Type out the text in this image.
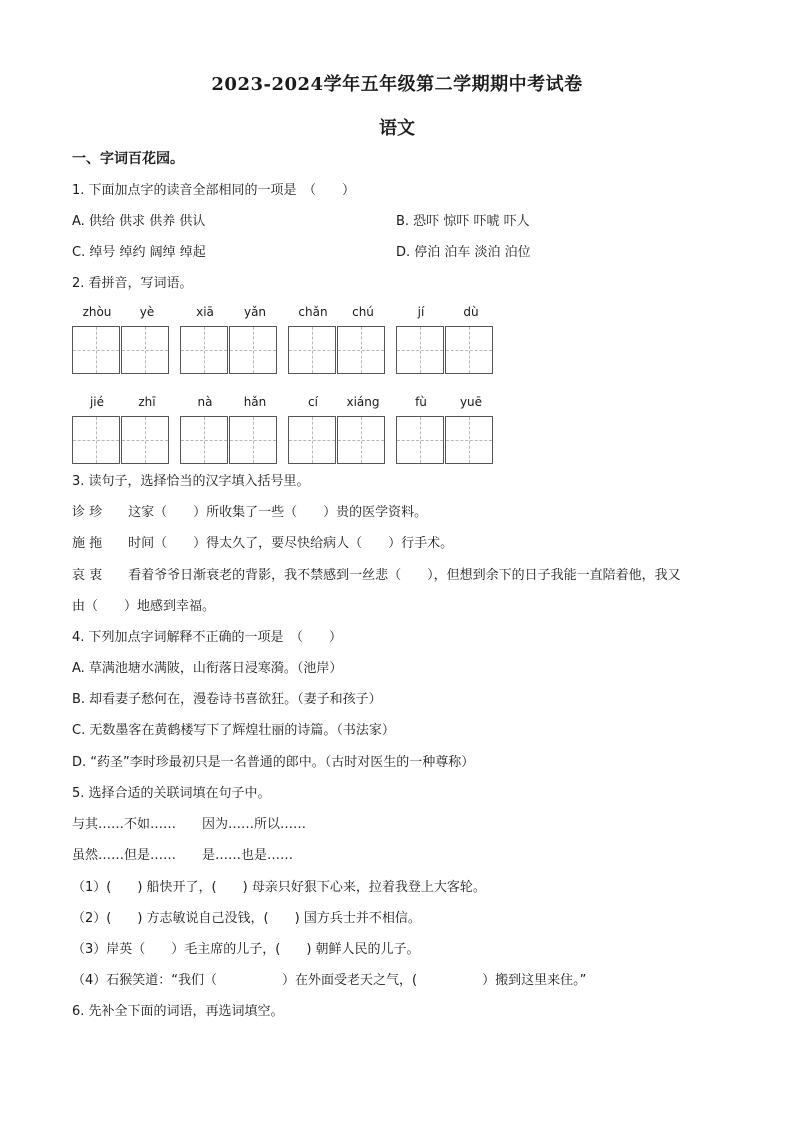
2023-2024学年五年级第二学期期中考试卷
语文
一、字词百花园。
1. 下面加点字的读音全部相同的一项是　（　　）
A. 供给 供求 供养 供认	B. 恐吓 惊吓 吓唬 吓人
C. 绰号 绰约 阔绰 绰起	D. 停泊 泊车 淡泊 泊位
2. 看拼音，写词语。
zhòu	yè	xiā	yǎn	chǎn	chú	jí	dù
jié	zhī	nà	hǎn	cí	xiáng	fù	yuē
3. 读句子，选择恰当的汉字填入括号里。
诊 珍　　这家（　　）所收集了一些（　　）贵的医学资料。
施 拖　　时间（　　）得太久了，要尽快给病人（　　）行手术。
哀 衷　　看着爷爷日渐衰老的背影，我不禁感到一丝悲（　　），但想到余下的日子我能一直陪着他，我又
由（　　）地感到幸福。
4. 下列加点字词解释不正确的一项是　（　　）
A. 草满池塘水满陂，山衔落日浸寒漪。（池岸）
B. 却看妻子愁何在，漫卷诗书喜欲狂。（妻子和孩子）
C. 无数墨客在黄鹤楼写下了辉煌壮丽的诗篇。（书法家）
D. “药圣”李时珍最初只是一名普通的郎中。（古时对医生的一种尊称）
5. 选择合适的关联词填在句子中。
与其……不如……　　因为……所以……
虽然……但是……　　是……也是……
（1）(　　) 船快开了，(　　) 母亲只好狠下心来，拉着我登上大客轮。
（2）(　　) 方志敏说自己没钱，(　　) 国方兵士并不相信。
（3）岸英（　　）毛主席的儿子，(　　) 朝鲜人民的儿子。
（4）石猴笑道：“我们（　　　　　）在外面受老天之气，(　　　　　）搬到这里来住。”
6. 先补全下面的词语，再选词填空。
